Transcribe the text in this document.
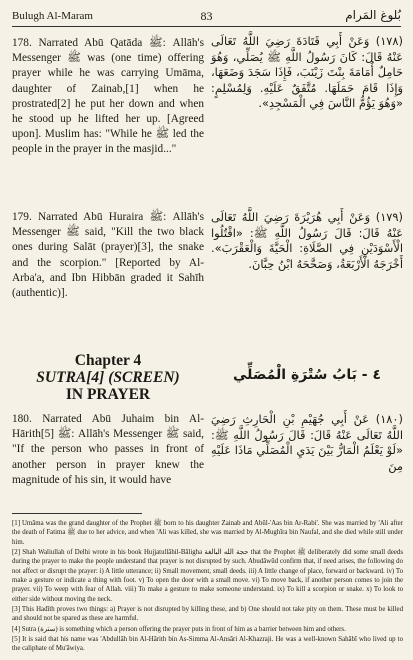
Bulugh Al-Maram	83	بُلوغ المَرام
178. Narrated Abū Qatāda ﷺ: Allāh's Messenger ﷺ was (one time) offering prayer while he was carrying Umāma, daughter of Zainab,[1] when he prostrated[2] he put her down and when he stood up he lifted her up. [Agreed upon]. Muslim has: "While he ﷺ led the people in the prayer in the masjid..."
(١٧٨) وَعَنْ أَبِي قَتَادَةَ رَضِيَ اللَّهُ تَعَالَى عَنْهُ قَالَ: كَانَ رَسُولُ اللَّهِ ﷺ يُصَلِّي، وَهُوَ حَامِلٌ أُمَامَةَ بِنْتَ زَيْنَبَ، فَإِذَا سَجَدَ وَضَعَهَا، وَإِذَا قَامَ حَمَلَهَا. مُتَّفَقٌ عَلَيْهِ. وَلِمُسْلِمٍ: «وَهُوَ يَؤُمُّ النَّاسَ فِي الْمَسْجِدِ».
179. Narrated Abū Huraira ﷺ: Allāh's Messenger ﷺ said, "Kill the two black ones during Salāt (prayer)[3], the snake and the scorpion." [Reported by Al-Arba'a, and Ibn Hibbān graded it Sahīh (authentic)].
(١٧٩) وَعَنْ أَبِي هُرَيْرَةَ رَضِيَ اللَّهُ تَعَالَى عَنْهُ قَالَ: قَالَ رَسُولُ اللَّهِ ﷺ: «اقْتُلُوا الْأَسْوَدَيْنِ فِي الصَّلَاةِ: الْحَيَّةَ وَالْعَقْرَبَ». أَخْرَجَهُ الْأَرْبَعَةُ، وَصَحَّحَهُ ابْنُ حِبَّانَ.
Chapter 4
SUTRA[4] (SCREEN)
IN PRAYER
٤ - بَابُ سُتْرَةِ الْمُصَلِّي
180. Narrated Abū Juhaim bin Al-Hārith[5] ﷺ: Allāh's Messenger ﷺ said, "If the person who passes in front of another person in prayer knew the magnitude of his sin, it would have
(١٨٠) عَنْ أَبِي جُهَيْمِ بْنِ الْحَارِثِ رَضِيَ اللَّهُ تَعَالَى عَنْهُ قَالَ: قَالَ رَسُولُ اللَّهِ ﷺ: «لَوْ يَعْلَمُ الْمَارُّ بَيْنَ يَدَيِ الْمُصَلِّي مَاذَا عَلَيْهِ مِنَ
[1] Umāma was the grand daughter of the Prophet ﷺ born to his daughter Zainab and Abūl-'Aas bin Ar-Rabi'. She was married by 'Ali after the death of Fatima ﷺ due to her advice, and when 'Ali was killed, she was married by Al-Mughīra bin Naufal, and she died while still under him.
[2] Shah Waliullah of Delhi wrote in his book Hujjatullāhil-Bāligha حجة الله البالغة that the Prophet ﷺ deliberately did some small deeds during the prayer to make the people understand that prayer is not disrupted by such. Abudāwūd confirm that, if need arises, the following do not affect or disrupt the prayer: i) A little utterance; ii) Small movement, small deeds. iii) A little change of place, forward or backward. iv) To make a gesture or indicate a thing with foot. v) To open the door with a small move. vi) To move back, if another person comes to join the prayer. vii) To weep with fear of Allah. viii) To make a gesture to make someone understand. ix) To kill a scorpion or snake. x) To look to either side without moving the neck.
[3] This Hadīth proves two things: a) Prayer is not disrupted by killing these, and b) One should not take pity on them. These must be killed and should not be spared as these are harmful.
[4] Sutra (سترة) is something which a person offering the prayer puts in front of him as a barrier between him and others.
[5] It is said that his name was 'Abdullāh bin Al-Hārith bin As-Simma Al-Ansāri Al-Khazraji. He was a well-known Sahābī who lived up to the caliphate of Mu'āwiya.
